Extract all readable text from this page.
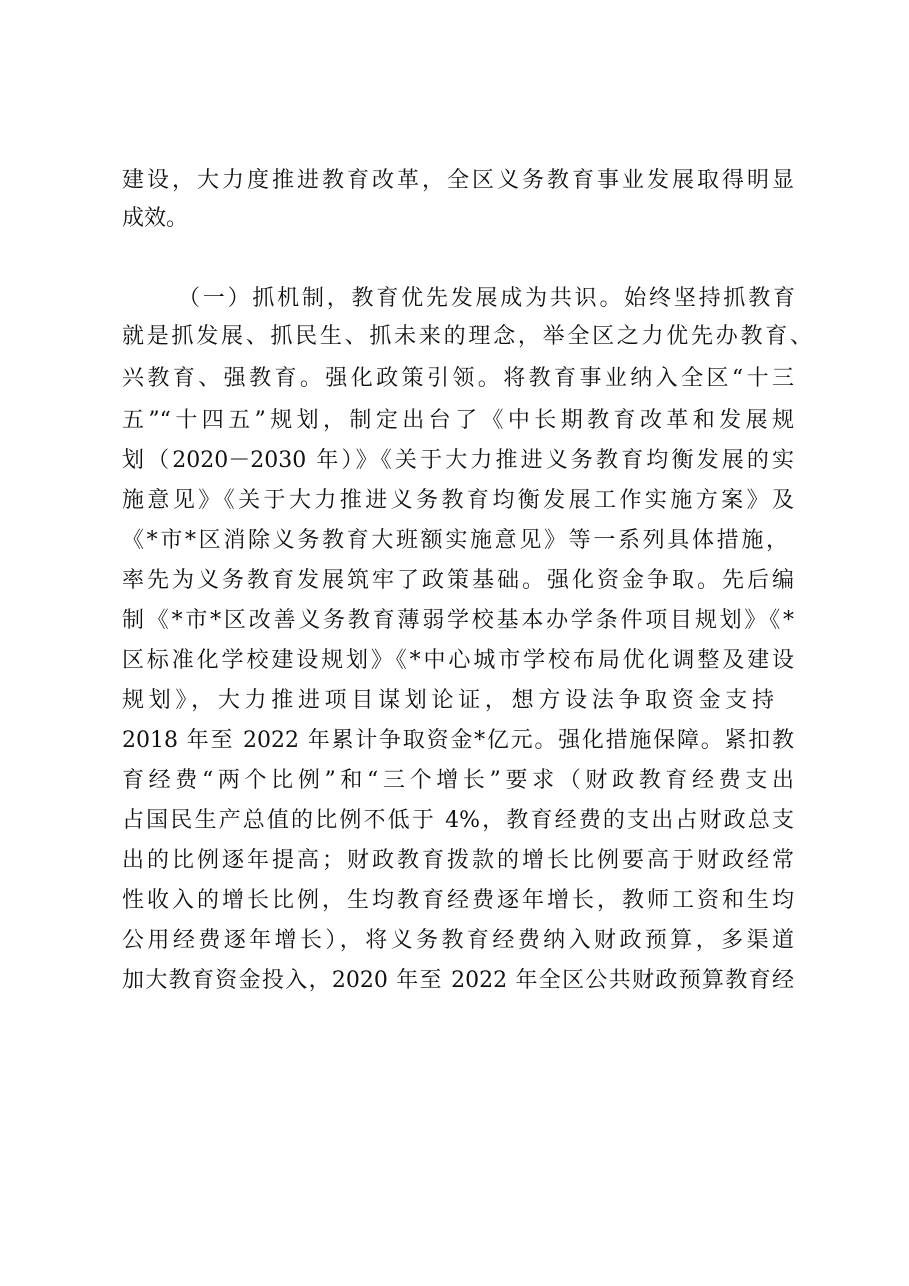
建设，大力度推进教育改革，全区义务教育事业发展取得明显
成效。
（一）抓机制，教育优先发展成为共识。始终坚持抓教育
就是抓发展、抓民生、抓未来的理念，举全区之力优先办教育、
兴教育、强教育。强化政策引领。将教育事业纳入全区“十三
五”“十四五”规划，制定出台了《中长期教育改革和发展规
划（2020－2030 年）》《关于大力推进义务教育均衡发展的实
施意见》《关于大力推进义务教育均衡发展工作实施方案》及
《*市*区消除义务教育大班额实施意见》等一系列具体措施，
率先为义务教育发展筑牢了政策基础。强化资金争取。先后编
制《*市*区改善义务教育薄弱学校基本办学条件项目规划》《*
区标准化学校建设规划》《*中心城市学校布局优化调整及建设
规划》，大力推进项目谋划论证，想方设法争取资金支持
2018 年至 2022 年累计争取资金*亿元。强化措施保障。紧扣教
育经费“两个比例”和“三个增长”要求（财政教育经费支出
占国民生产总值的比例不低于 4%，教育经费的支出占财政总支
出的比例逐年提高；财政教育拨款的增长比例要高于财政经常
性收入的增长比例，生均教育经费逐年增长，教师工资和生均
公用经费逐年增长），将义务教育经费纳入财政预算，多渠道
加大教育资金投入，2020 年至 2022 年全区公共财政预算教育经
